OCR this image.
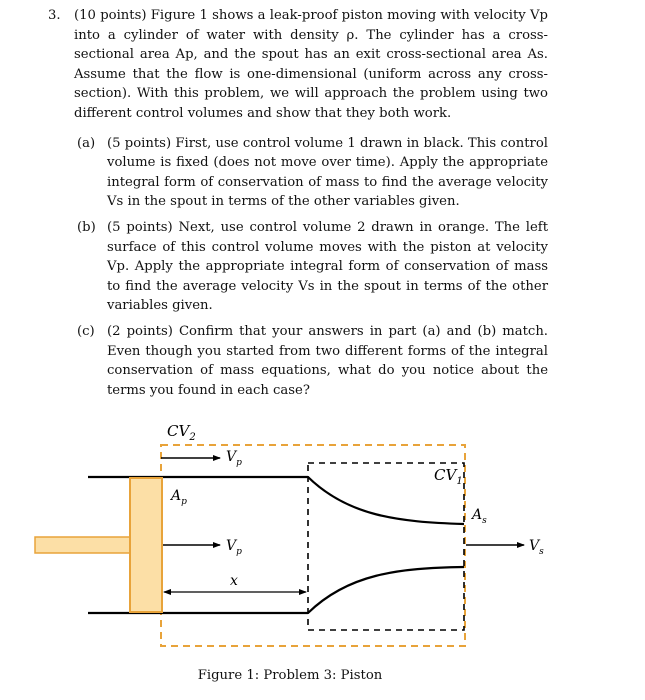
3. (10 points) Figure 1 shows a leak-proof piston moving with velocity Vp into a cylinder of water with density ρ. The cylinder has a cross-sectional area Ap, and the spout has an exit cross-sectional area As. Assume that the flow is one-dimensional (uniform across any cross-section). With this problem, we will approach the problem using two different control volumes and show that they both work.
(a) (5 points) First, use control volume 1 drawn in black. This control volume is fixed (does not move over time). Apply the appropriate integral form of conservation of mass to find the average velocity Vs in the spout in terms of the other variables given.
(b) (5 points) Next, use control volume 2 drawn in orange. The left surface of this control volume moves with the piston at velocity Vp. Apply the appropriate integral form of conservation of mass to find the average velocity Vs in the spout in terms of the other variables given.
(c) (2 points) Confirm that your answers in part (a) and (b) match. Even though you started from two different forms of the integral conservation of mass equations, what do you notice about the terms you found in each case?
$CV_2$
$V_p$
$CV_1$
$A_p$
$A_s$
$V_p$	$V_s$
x
Figure 1: Problem 3: Piston
